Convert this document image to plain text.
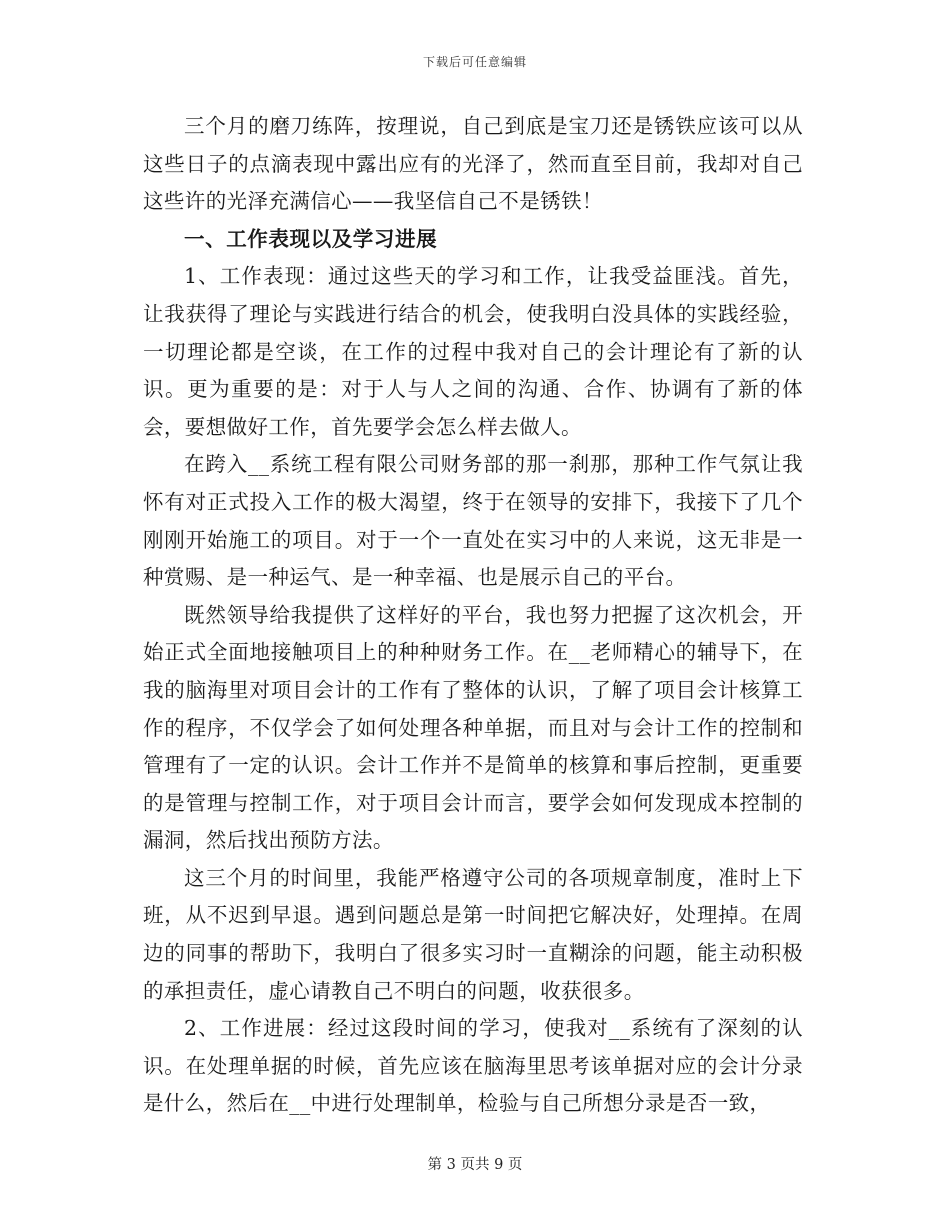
下载后可任意编辑

三个月的磨刀练阵，按理说，自己到底是宝刀还是锈铁应该可以从这些日子的点滴表现中露出应有的光泽了，然而直至目前，我却对自己这些许的光泽充满信心——我坚信自己不是锈铁！

一、工作表现以及学习进展

1、工作表现：通过这些天的学习和工作，让我受益匪浅。首先，让我获得了理论与实践进行结合的机会，使我明白没具体的实践经验，一切理论都是空谈，在工作的过程中我对自己的会计理论有了新的认识。更为重要的是：对于人与人之间的沟通、合作、协调有了新的体会，要想做好工作，首先要学会怎么样去做人。

在跨入__系统工程有限公司财务部的那一刹那，那种工作气氛让我怀有对正式投入工作的极大渴望，终于在领导的安排下，我接下了几个刚刚开始施工的项目。对于一个一直处在实习中的人来说，这无非是一种赏赐、是一种运气、是一种幸福、也是展示自己的平台。

既然领导给我提供了这样好的平台，我也努力把握了这次机会，开始正式全面地接触项目上的种种财务工作。在__老师精心的辅导下，在我的脑海里对项目会计的工作有了整体的认识，了解了项目会计核算工作的程序，不仅学会了如何处理各种单据，而且对与会计工作的控制和管理有了一定的认识。会计工作并不是简单的核算和事后控制，更重要的是管理与控制工作，对于项目会计而言，要学会如何发现成本控制的漏洞，然后找出预防方法。

这三个月的时间里，我能严格遵守公司的各项规章制度，准时上下班，从不迟到早退。遇到问题总是第一时间把它解决好，处理掉。在周边的同事的帮助下，我明白了很多实习时一直糊涂的问题，能主动积极的承担责任，虚心请教自己不明白的问题，收获很多。

2、工作进展：经过这段时间的学习，使我对__系统有了深刻的认识。在处理单据的时候，首先应该在脑海里思考该单据对应的会计分录是什么，然后在__中进行处理制单，检验与自己所想分录是否一致，

第 3 页共 9 页
